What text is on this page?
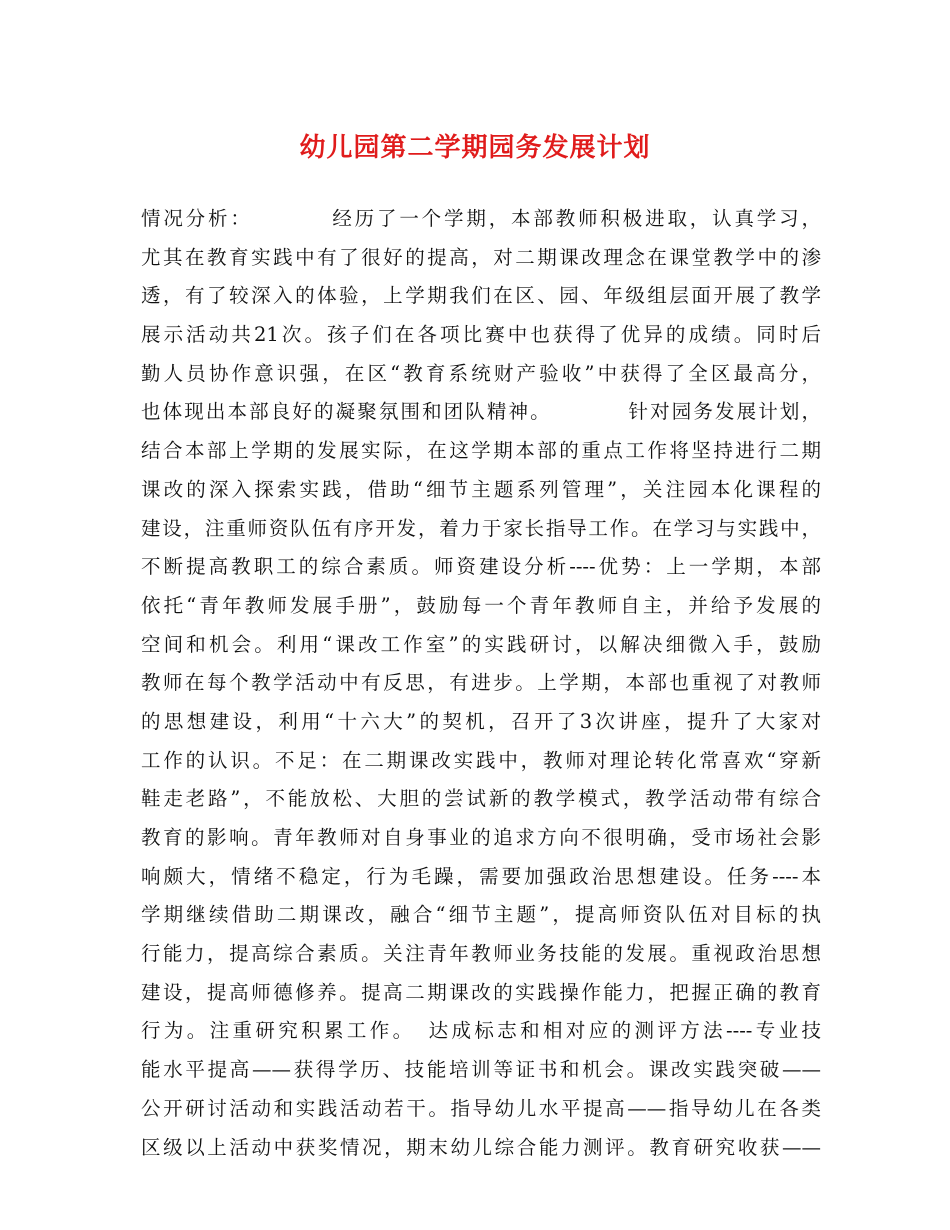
幼儿园第二学期园务发展计划
情况分析：　　　　经历了一个学期，本部教师积极进取，认真学习，
尤其在教育实践中有了很好的提高，对二期课改理念在课堂教学中的渗
透，有了较深入的体验，上学期我们在区、园、年级组层面开展了教学
展示活动共21次。孩子们在各项比赛中也获得了优异的成绩。同时后
勤人员协作意识强，在区“教育系统财产验收”中获得了全区最高分，
也体现出本部良好的凝聚氛围和团队精神。　　　　针对园务发展计划，
结合本部上学期的发展实际，在这学期本部的重点工作将坚持进行二期
课改的深入探索实践，借助“细节主题系列管理”，关注园本化课程的
建设，注重师资队伍有序开发，着力于家长指导工作。在学习与实践中，
不断提高教职工的综合素质。师资建设分析----优势：上一学期，本部
依托“青年教师发展手册”，鼓励每一个青年教师自主，并给予发展的
空间和机会。利用“课改工作室”的实践研讨，以解决细微入手，鼓励
教师在每个教学活动中有反思，有进步。上学期，本部也重视了对教师
的思想建设，利用“十六大”的契机，召开了3次讲座，提升了大家对
工作的认识。不足：在二期课改实践中，教师对理论转化常喜欢“穿新
鞋走老路”，不能放松、大胆的尝试新的教学模式，教学活动带有综合
教育的影响。青年教师对自身事业的追求方向不很明确，受市场社会影
响颇大，情绪不稳定，行为毛躁，需要加强政治思想建设。任务----本
学期继续借助二期课改，融合“细节主题”，提高师资队伍对目标的执
行能力，提高综合素质。关注青年教师业务技能的发展。重视政治思想
建设，提高师德修养。提高二期课改的实践操作能力，把握正确的教育
行为。注重研究积累工作。　达成标志和相对应的测评方法----专业技
能水平提高——获得学历、技能培训等证书和机会。课改实践突破——
公开研讨活动和实践活动若干。指导幼儿水平提高——指导幼儿在各类
区级以上活动中获奖情况，期末幼儿综合能力测评。教育研究收获——
